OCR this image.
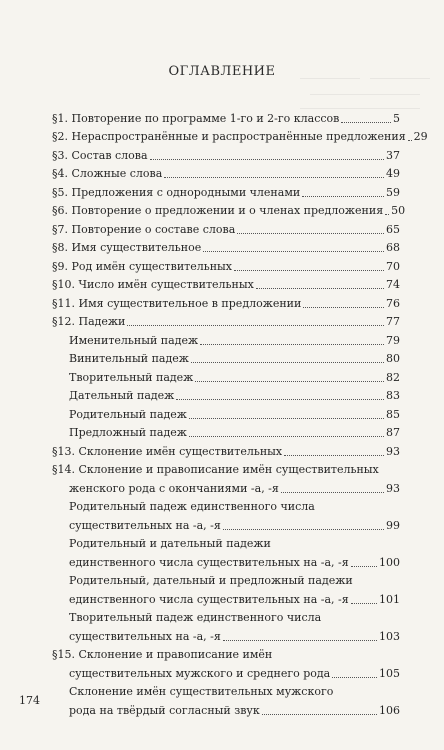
ОГЛАВЛЕНИЕ
§1. Повторение по программе 1-го и 2-го классов	5
§2. Нераспространённые и распространённые предложения 29
§3. Состав слова	37
§4. Сложные слова	49
§5. Предложения с однородными членами	59
§6. Повторение о предложении и о членах предложения 50
§7. Повторение о составе слова	65
§8. Имя существительное	68
§9. Род имён существительных	70
§10. Число имён существительных	74
§11. Имя существительное в предложении	76
§12. Падежи	77
Именительный падеж	79
Винительный падеж	80
Творительный падеж	82
Дательный падеж	83
Родительный падеж	85
Предложный падеж	87
§13. Склонение имён существительных	93
§14. Склонение и правописание имён существительных
женского рода с окончаниями -а, -я	93
Родительный падеж единственного числа
существительных на -а, -я	99
Родительный и дательный падежи
единственного числа существительных на -а, -я	100
Родительный, дательный и предложный падежи
единственного числа существительных на -а, -я	101
Творительный падеж единственного числа
существительных на -а, -я	103
§15. Склонение и правописание имён
существительных мужского и среднего рода	105
Склонение имён существительных мужского
рода на твёрдый согласный звук	106
174
